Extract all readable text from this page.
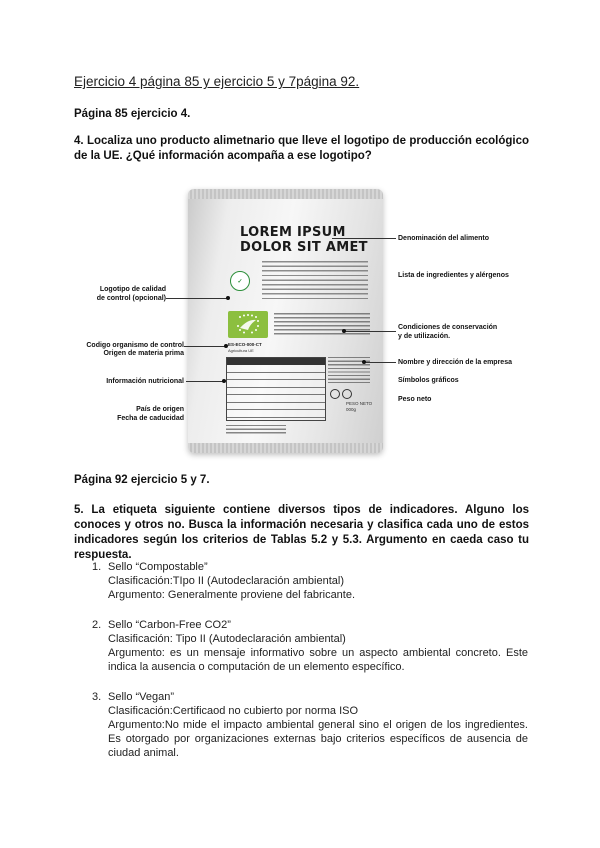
Ejercicio 4 página 85 y ejercicio 5 y 7página 92.
Página 85 ejercicio 4.
4. Localiza uno producto alimetnario que lleve el logotipo de producción ecológico de la UE. ¿Qué información acompaña a ese logotipo?
LOREM IPSUM
DOLOR SIT AMET
✓
ES-ECO-000-CT
Agricultura UE
PESO NETO
000g
Logotipo de calidad
de control (opcional)
Codigo organismo de control
Origen de materia prima
Información nutricional
País de origen
Fecha de caducidad
Denominación del alimento
Lista de ingredientes y alérgenos
Condiciones de conservación
y de utilización.
Nombre y dirección de la empresa
Símbolos gráficos
Peso neto
Página 92 ejercicio 5 y 7.
5. La etiqueta siguiente contiene diversos tipos de indicadores. Alguno los conoces y otros no. Busca la información necesaria y clasifica cada uno de estos indicadores según los criterios de Tablas 5.2 y 5.3. Argumento en caeda caso tu respuesta.
1. Sello “Compostable”
Clasificación:TIpo II (Autodeclaración ambiental)
Argumento: Generalmente proviene del fabricante.
2. Sello “Carbon-Free CO2”
Clasificación: Tipo II (Autodeclaración ambiental)
Argumento: es un mensaje informativo sobre un aspecto ambiental concreto. Este indica la ausencia o computación de un elemento específico.
3. Sello “Vegan”
Clasificación:Certificaod no cubierto por norma ISO
Argumento:No mide el impacto ambiental general sino el origen de los ingredientes. Es otorgado por organizaciones externas bajo criterios específicos de ausencia de ciudad animal.
